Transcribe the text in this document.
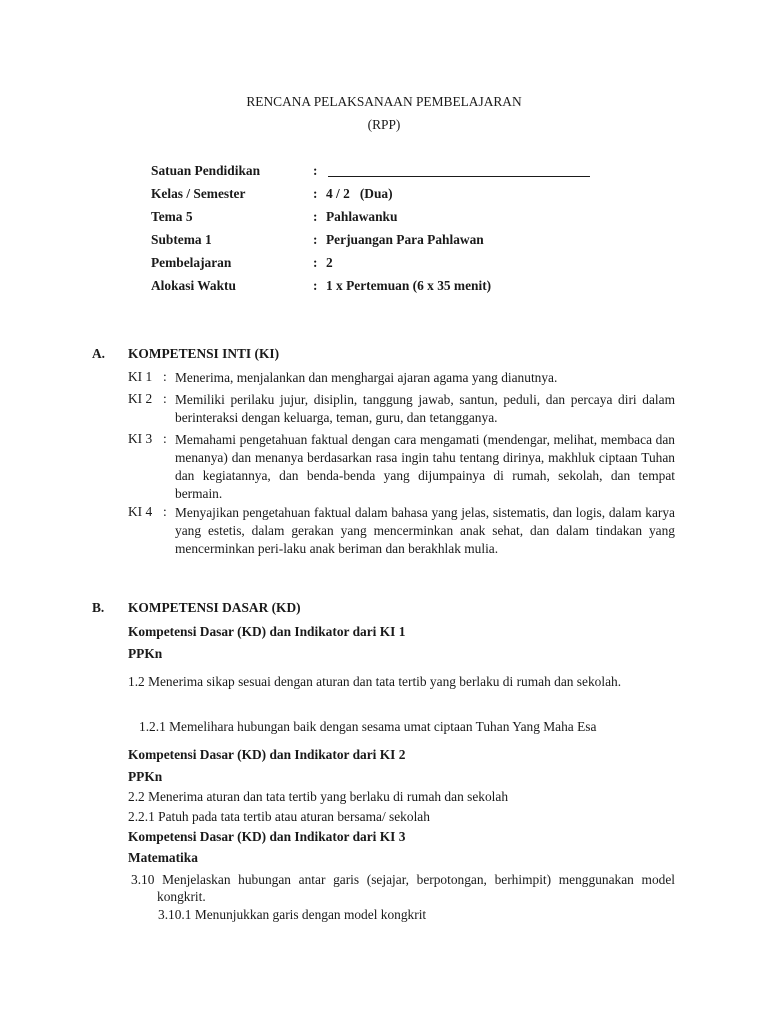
RENCANA PELAKSANAAN PEMBELAJARAN
(RPP)
Satuan Pendidikan	:
Kelas / Semester	: 4 / 2   (Dua)
Tema 5	: Pahlawanku
Subtema 1	: Perjuangan Para Pahlawan
Pembelajaran	: 2
Alokasi Waktu	: 1 x Pertemuan (6 x 35 menit)
A. KOMPETENSI INTI (KI)
KI 1 : Menerima, menjalankan dan menghargai ajaran agama yang dianutnya.
KI 2 : Memiliki perilaku jujur, disiplin, tanggung jawab, santun, peduli, dan percaya diri dalam berinteraksi dengan keluarga, teman, guru, dan tetangganya.
KI 3 : Memahami pengetahuan faktual dengan cara mengamati (mendengar, melihat, membaca dan menanya) dan menanya berdasarkan rasa ingin tahu tentang dirinya, makhluk ciptaan Tuhan dan kegiatannya, dan benda-benda yang dijumpainya di rumah, sekolah, dan tempat bermain.
KI 4 : Menyajikan pengetahuan faktual dalam bahasa yang jelas, sistematis, dan logis, dalam karya yang estetis, dalam gerakan yang mencerminkan anak sehat, dan dalam tindakan yang mencerminkan peri-laku anak beriman dan berakhlak mulia.
B. KOMPETENSI DASAR (KD)
Kompetensi Dasar (KD) dan Indikator dari KI 1
PPKn
1.2 Menerima sikap sesuai dengan aturan dan tata tertib yang berlaku di rumah dan sekolah.
1.2.1 Memelihara hubungan baik dengan sesama umat ciptaan Tuhan Yang Maha Esa
Kompetensi Dasar (KD) dan Indikator dari KI 2
PPKn
2.2 Menerima aturan dan tata tertib yang berlaku di rumah dan sekolah
2.2.1 Patuh pada tata tertib atau aturan bersama/ sekolah
Kompetensi Dasar (KD) dan Indikator dari KI 3
Matematika
3.10 Menjelaskan hubungan antar garis (sejajar, berpotongan, berhimpit) menggunakan model kongkrit.
3.10.1 Menunjukkan garis dengan model kongkrit
